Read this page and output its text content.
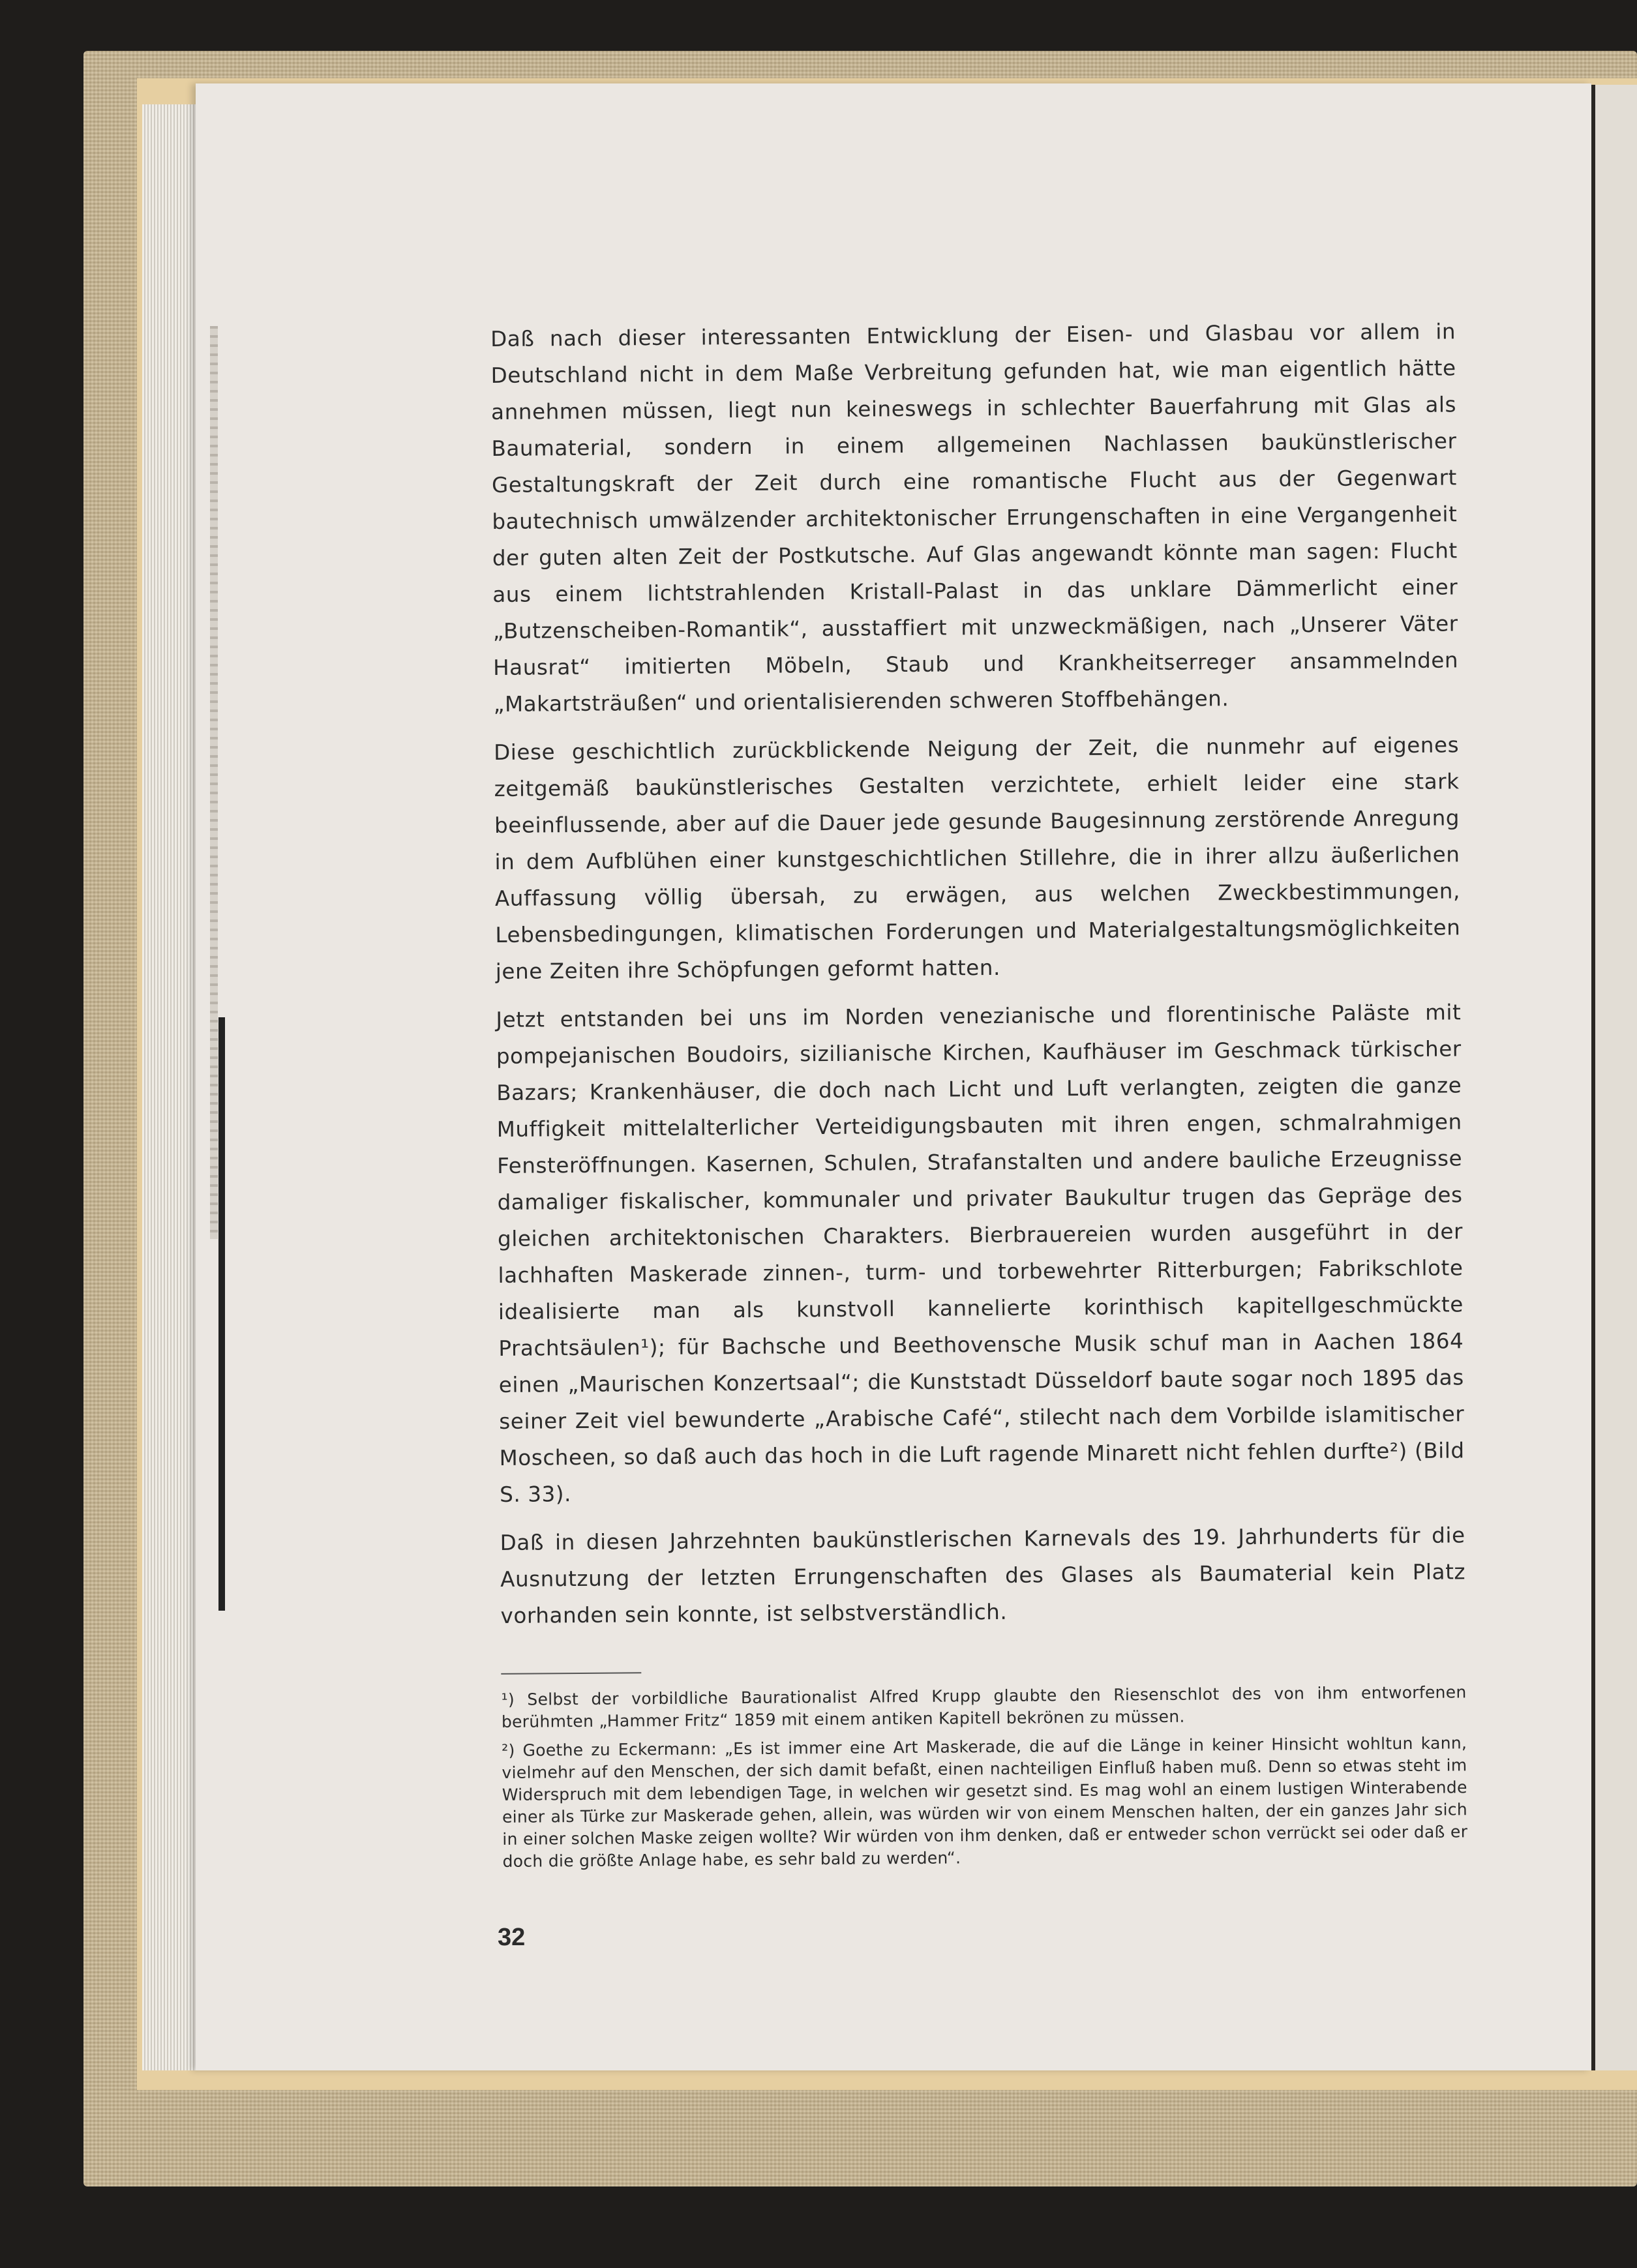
Daß nach dieser interessanten Entwicklung der Eisen- und Glasbau vor allem in Deutschland nicht in dem Maße Verbreitung gefunden hat, wie man eigentlich hätte annehmen müssen, liegt nun keineswegs in schlechter Bauerfahrung mit Glas als Baumaterial, sondern in einem allgemeinen Nachlassen baukünstlerischer Gestaltungskraft der Zeit durch eine romantische Flucht aus der Gegenwart bautechnisch umwälzender architektonischer Errungenschaften in eine Vergangenheit der guten alten Zeit der Postkutsche. Auf Glas angewandt könnte man sagen: Flucht aus einem lichtstrahlenden Kristall-Palast in das unklare Dämmerlicht einer „Butzenscheiben-Romantik“, ausstaffiert mit unzweckmäßigen, nach „Unserer Väter Hausrat“ imitierten Möbeln, Staub und Krankheitserreger ansammelnden „Makartsträußen“ und orientalisierenden schweren Stoffbehängen.

Diese geschichtlich zurückblickende Neigung der Zeit, die nunmehr auf eigenes zeitgemäß baukünstlerisches Gestalten verzichtete, erhielt leider eine stark beeinflussende, aber auf die Dauer jede gesunde Baugesinnung zerstörende Anregung in dem Aufblühen einer kunstgeschichtlichen Stillehre, die in ihrer allzu äußerlichen Auffassung völlig übersah, zu erwägen, aus welchen Zweckbestimmungen, Lebensbedingungen, klimatischen Forderungen und Materialgestaltungsmöglichkeiten jene Zeiten ihre Schöpfungen geformt hatten.

Jetzt entstanden bei uns im Norden venezianische und florentinische Paläste mit pompejanischen Boudoirs, sizilianische Kirchen, Kaufhäuser im Geschmack türkischer Bazars; Krankenhäuser, die doch nach Licht und Luft verlangten, zeigten die ganze Muffigkeit mittelalterlicher Verteidigungsbauten mit ihren engen, schmalrahmigen Fensteröffnungen. Kasernen, Schulen, Strafanstalten und andere bauliche Erzeugnisse damaliger fiskalischer, kommunaler und privater Baukultur trugen das Gepräge des gleichen architektonischen Charakters. Bierbrauereien wurden ausgeführt in der lachhaften Maskerade zinnen-, turm- und torbewehrter Ritterburgen; Fabrikschlote idealisierte man als kunstvoll kannelierte korinthisch kapitellgeschmückte Prachtsäulen¹); für Bachsche und Beethovensche Musik schuf man in Aachen 1864 einen „Maurischen Konzertsaal“; die Kunststadt Düsseldorf baute sogar noch 1895 das seiner Zeit viel bewunderte „Arabische Café“, stilecht nach dem Vorbilde islamitischer Moscheen, so daß auch das hoch in die Luft ragende Minarett nicht fehlen durfte²) (Bild S. 33).

Daß in diesen Jahrzehnten baukünstlerischen Karnevals des 19. Jahrhunderts für die Ausnutzung der letzten Errungenschaften des Glases als Baumaterial kein Platz vorhanden sein konnte, ist selbstverständlich.

¹) Selbst der vorbildliche Baurationalist Alfred Krupp glaubte den Riesenschlot des von ihm entworfenen berühmten „Hammer Fritz“ 1859 mit einem antiken Kapitell bekrönen zu müssen.

²) Goethe zu Eckermann: „Es ist immer eine Art Maskerade, die auf die Länge in keiner Hinsicht wohltun kann, vielmehr auf den Menschen, der sich damit befaßt, einen nachteiligen Einfluß haben muß. Denn so etwas steht im Widerspruch mit dem lebendigen Tage, in welchen wir gesetzt sind. Es mag wohl an einem lustigen Winterabende einer als Türke zur Maskerade gehen, allein, was würden wir von einem Menschen halten, der ein ganzes Jahr sich in einer solchen Maske zeigen wollte? Wir würden von ihm denken, daß er entweder schon verrückt sei oder daß er doch die größte Anlage habe, es sehr bald zu werden“.

32
